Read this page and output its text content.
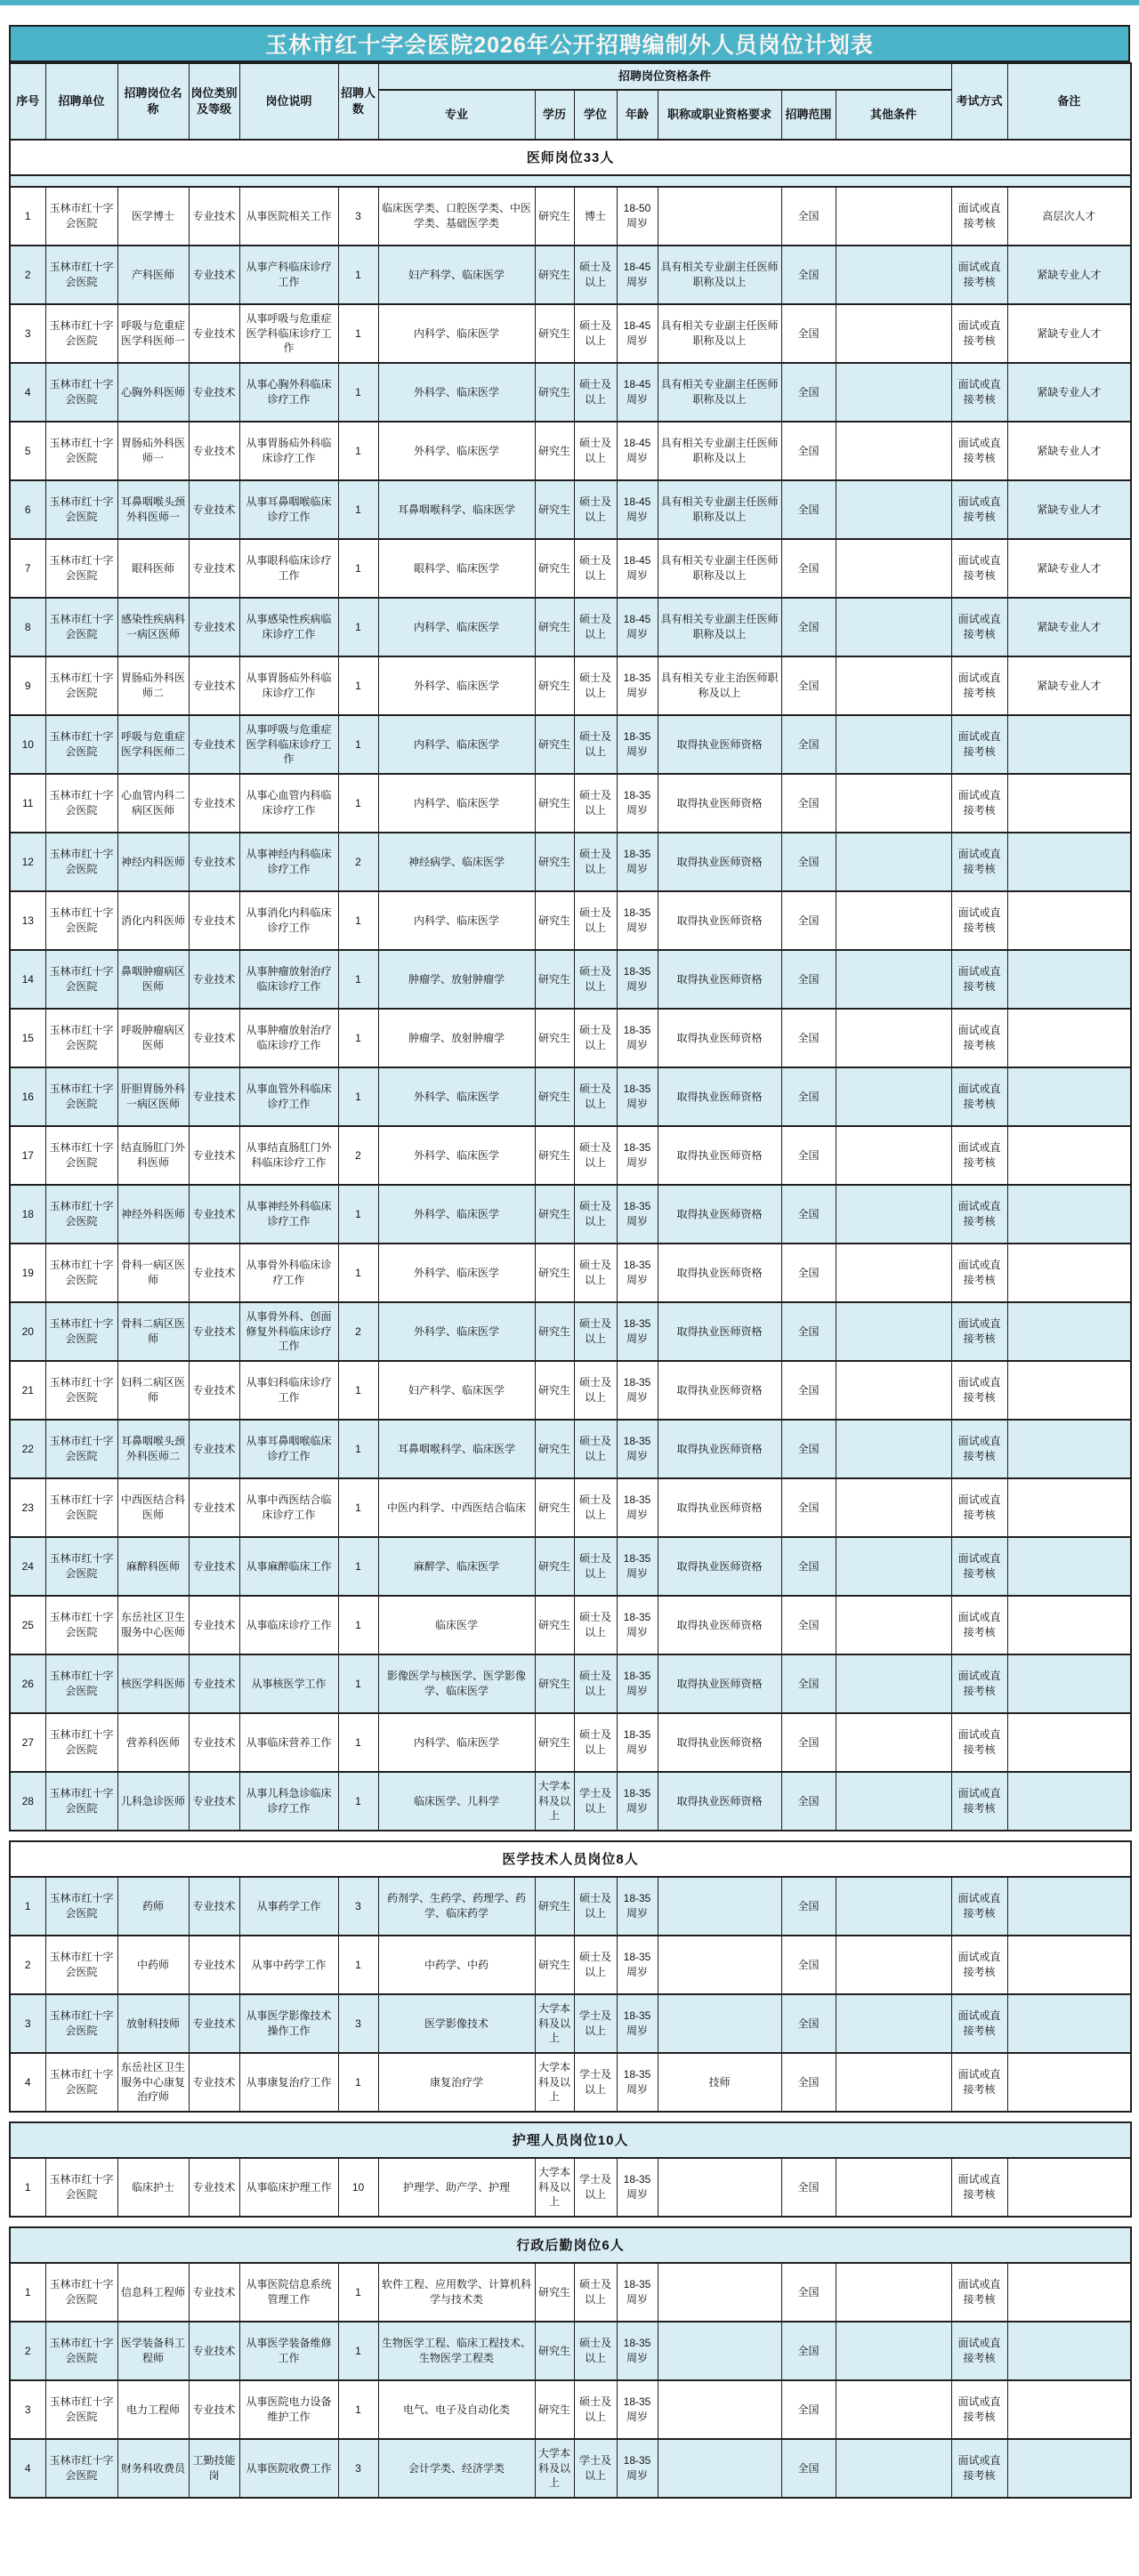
玉林市红十字会医院2026年公开招聘编制外人员岗位计划表
序号	招聘单位	招聘岗位名称	岗位类别及等级	岗位说明	招聘人数	招聘岗位资格条件							考试方式	备注
						专业	学历	学位	年龄	职称或职业资格要求	招聘范围	其他条件		
医师岗位33人														

1	玉林市红十字会医院	医学博士	专业技术	从事医院相关工作	3	临床医学类、口腔医学类、中医学类、基础医学类	研究生	博士	18-50周岁		全国		面试或直接考核	高层次人才
2	玉林市红十字会医院	产科医师	专业技术	从事产科临床诊疗工作	1	妇产科学、临床医学	研究生	硕士及以上	18-45周岁	具有相关专业副主任医师职称及以上	全国		面试或直接考核	紧缺专业人才
3	玉林市红十字会医院	呼吸与危重症医学科医师一	专业技术	从事呼吸与危重症医学科临床诊疗工作	1	内科学、临床医学	研究生	硕士及以上	18-45周岁	具有相关专业副主任医师职称及以上	全国		面试或直接考核	紧缺专业人才
4	玉林市红十字会医院	心胸外科医师	专业技术	从事心胸外科临床诊疗工作	1	外科学、临床医学	研究生	硕士及以上	18-45周岁	具有相关专业副主任医师职称及以上	全国		面试或直接考核	紧缺专业人才
5	玉林市红十字会医院	胃肠疝外科医师一	专业技术	从事胃肠疝外科临床诊疗工作	1	外科学、临床医学	研究生	硕士及以上	18-45周岁	具有相关专业副主任医师职称及以上	全国		面试或直接考核	紧缺专业人才
6	玉林市红十字会医院	耳鼻咽喉头颈外科医师一	专业技术	从事耳鼻咽喉临床诊疗工作	1	耳鼻咽喉科学、临床医学	研究生	硕士及以上	18-45周岁	具有相关专业副主任医师职称及以上	全国		面试或直接考核	紧缺专业人才
7	玉林市红十字会医院	眼科医师	专业技术	从事眼科临床诊疗工作	1	眼科学、临床医学	研究生	硕士及以上	18-45周岁	具有相关专业副主任医师职称及以上	全国		面试或直接考核	紧缺专业人才
8	玉林市红十字会医院	感染性疾病科一病区医师	专业技术	从事感染性疾病临床诊疗工作	1	内科学、临床医学	研究生	硕士及以上	18-45周岁	具有相关专业副主任医师职称及以上	全国		面试或直接考核	紧缺专业人才
9	玉林市红十字会医院	胃肠疝外科医师二	专业技术	从事胃肠疝外科临床诊疗工作	1	外科学、临床医学	研究生	硕士及以上	18-35周岁	具有相关专业主治医师职称及以上	全国		面试或直接考核	紧缺专业人才
10	玉林市红十字会医院	呼吸与危重症医学科医师二	专业技术	从事呼吸与危重症医学科临床诊疗工作	1	内科学、临床医学	研究生	硕士及以上	18-35周岁	取得执业医师资格	全国		面试或直接考核	
11	玉林市红十字会医院	心血管内科二病区医师	专业技术	从事心血管内科临床诊疗工作	1	内科学、临床医学	研究生	硕士及以上	18-35周岁	取得执业医师资格	全国		面试或直接考核	
12	玉林市红十字会医院	神经内科医师	专业技术	从事神经内科临床诊疗工作	2	神经病学、临床医学	研究生	硕士及以上	18-35周岁	取得执业医师资格	全国		面试或直接考核	
13	玉林市红十字会医院	消化内科医师	专业技术	从事消化内科临床诊疗工作	1	内科学、临床医学	研究生	硕士及以上	18-35周岁	取得执业医师资格	全国		面试或直接考核	
14	玉林市红十字会医院	鼻咽肿瘤病区医师	专业技术	从事肿瘤放射治疗临床诊疗工作	1	肿瘤学、放射肿瘤学	研究生	硕士及以上	18-35周岁	取得执业医师资格	全国		面试或直接考核	
15	玉林市红十字会医院	呼吸肿瘤病区医师	专业技术	从事肿瘤放射治疗临床诊疗工作	1	肿瘤学、放射肿瘤学	研究生	硕士及以上	18-35周岁	取得执业医师资格	全国		面试或直接考核	
16	玉林市红十字会医院	肝胆胃肠外科一病区医师	专业技术	从事血管外科临床诊疗工作	1	外科学、临床医学	研究生	硕士及以上	18-35周岁	取得执业医师资格	全国		面试或直接考核	
17	玉林市红十字会医院	结直肠肛门外科医师	专业技术	从事结直肠肛门外科临床诊疗工作	2	外科学、临床医学	研究生	硕士及以上	18-35周岁	取得执业医师资格	全国		面试或直接考核	
18	玉林市红十字会医院	神经外科医师	专业技术	从事神经外科临床诊疗工作	1	外科学、临床医学	研究生	硕士及以上	18-35周岁	取得执业医师资格	全国		面试或直接考核	
19	玉林市红十字会医院	骨科一病区医师	专业技术	从事骨外科临床诊疗工作	1	外科学、临床医学	研究生	硕士及以上	18-35周岁	取得执业医师资格	全国		面试或直接考核	
20	玉林市红十字会医院	骨科二病区医师	专业技术	从事骨外科、创面修复外科临床诊疗工作	2	外科学、临床医学	研究生	硕士及以上	18-35周岁	取得执业医师资格	全国		面试或直接考核	
21	玉林市红十字会医院	妇科二病区医师	专业技术	从事妇科临床诊疗工作	1	妇产科学、临床医学	研究生	硕士及以上	18-35周岁	取得执业医师资格	全国		面试或直接考核	
22	玉林市红十字会医院	耳鼻咽喉头颈外科医师二	专业技术	从事耳鼻咽喉临床诊疗工作	1	耳鼻咽喉科学、临床医学	研究生	硕士及以上	18-35周岁	取得执业医师资格	全国		面试或直接考核	
23	玉林市红十字会医院	中西医结合科医师	专业技术	从事中西医结合临床诊疗工作	1	中医内科学、中西医结合临床	研究生	硕士及以上	18-35周岁	取得执业医师资格	全国		面试或直接考核	
24	玉林市红十字会医院	麻醉科医师	专业技术	从事麻醉临床工作	1	麻醉学、临床医学	研究生	硕士及以上	18-35周岁	取得执业医师资格	全国		面试或直接考核	
25	玉林市红十字会医院	东岳社区卫生服务中心医师	专业技术	从事临床诊疗工作	1	临床医学	研究生	硕士及以上	18-35周岁	取得执业医师资格	全国		面试或直接考核	
26	玉林市红十字会医院	核医学科医师	专业技术	从事核医学工作	1	影像医学与核医学、医学影像学、临床医学	研究生	硕士及以上	18-35周岁	取得执业医师资格	全国		面试或直接考核	
27	玉林市红十字会医院	营养科医师	专业技术	从事临床营养工作	1	内科学、临床医学	研究生	硕士及以上	18-35周岁	取得执业医师资格	全国		面试或直接考核	
28	玉林市红十字会医院	儿科急诊医师	专业技术	从事儿科急诊临床诊疗工作	1	临床医学、儿科学	大学本科及以上	学士及以上	18-35周岁	取得执业医师资格	全国		面试或直接考核	
医学技术人员岗位8人														
1	玉林市红十字会医院	药师	专业技术	从事药学工作	3	药剂学、生药学、药理学、药学、临床药学	研究生	硕士及以上	18-35周岁		全国		面试或直接考核	
2	玉林市红十字会医院	中药师	专业技术	从事中药学工作	1	中药学、中药	研究生	硕士及以上	18-35周岁		全国		面试或直接考核	
3	玉林市红十字会医院	放射科技师	专业技术	从事医学影像技术操作工作	3	医学影像技术	大学本科及以上	学士及以上	18-35周岁		全国		面试或直接考核	
4	玉林市红十字会医院	东岳社区卫生服务中心康复治疗师	专业技术	从事康复治疗工作	1	康复治疗学	大学本科及以上	学士及以上	18-35周岁	技师	全国		面试或直接考核	
护理人员岗位10人
1	玉林市红十字会医院	临床护士	专业技术	从事临床护理工作	10	护理学、助产学、护理	大学本科及以上	学士及以上	18-35周岁		全国		面试或直接考核	
行政后勤岗位6人														
1	玉林市红十字会医院	信息科工程师	专业技术	从事医院信息系统管理工作	1	软件工程、应用数学、计算机科学与技术类	研究生	硕士及以上	18-35周岁		全国		面试或直接考核	
2	玉林市红十字会医院	医学装备科工程师	专业技术	从事医学装备维修工作	1	生物医学工程、临床工程技术、生物医学工程类	研究生	硕士及以上	18-35周岁		全国		面试或直接考核	
3	玉林市红十字会医院	电力工程师	专业技术	从事医院电力设备维护工作	1	电气、电子及自动化类	研究生	硕士及以上	18-35周岁		全国		面试或直接考核	
4	玉林市红十字会医院	财务科收费员	工勤技能岗	从事医院收费工作	3	会计学类、经济学类	大学本科及以上	学士及以上	18-35周岁		全国		面试或直接考核	
